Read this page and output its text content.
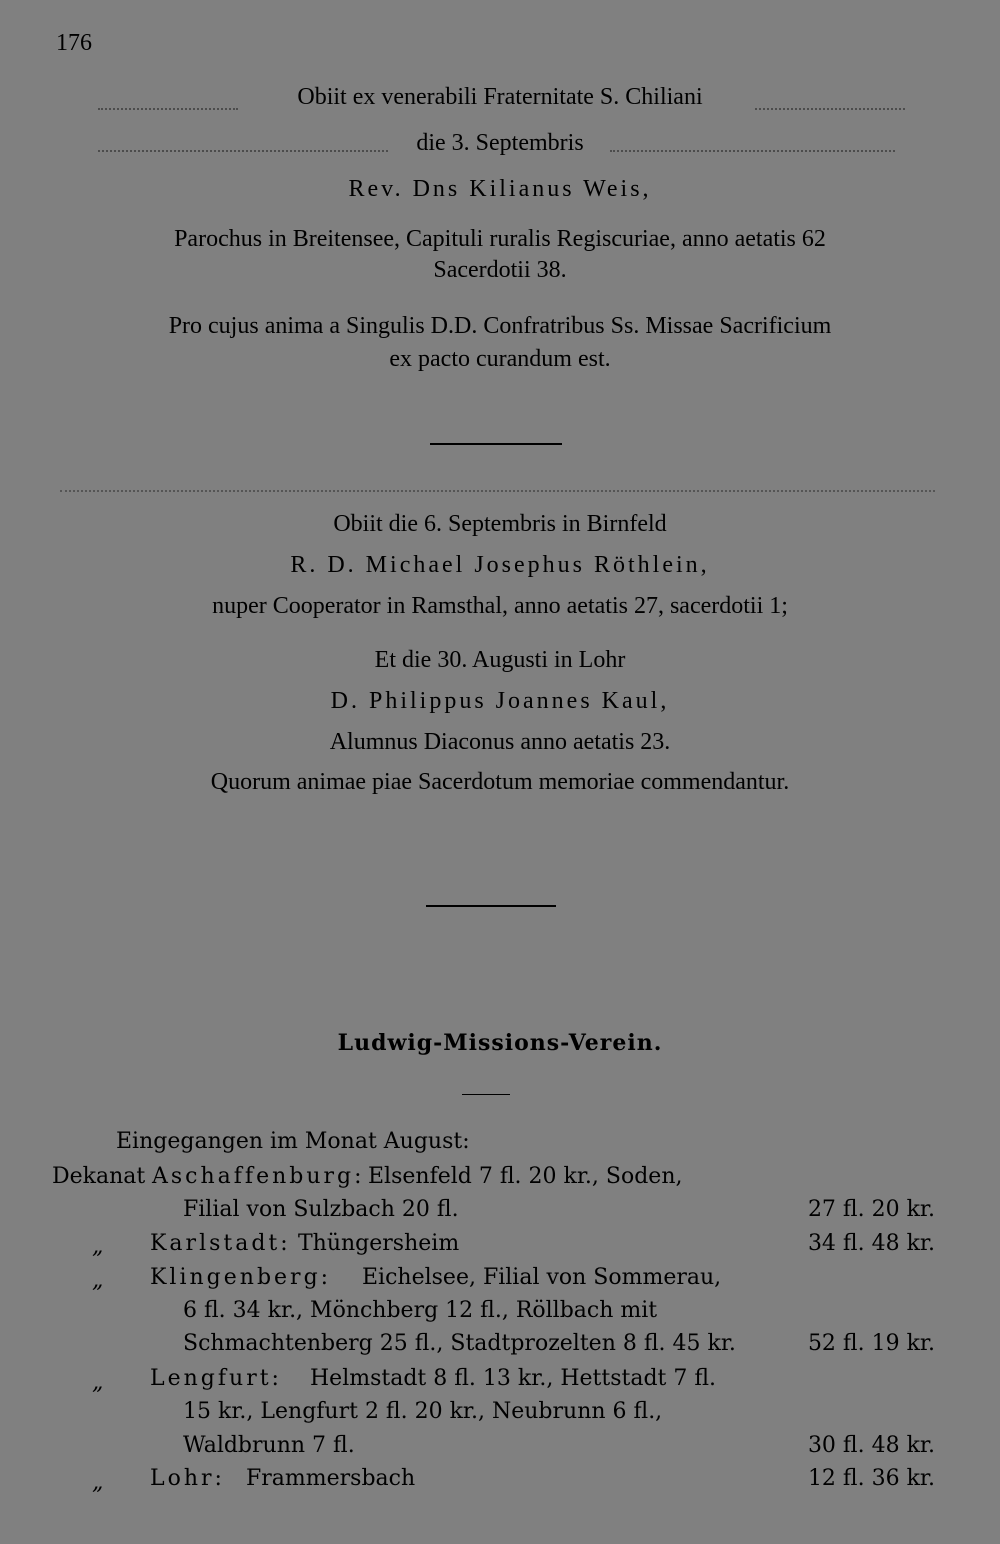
176
Obiit ex venerabili Fraternitate S. Chiliani
die 3. Septembris
Rev. Dns Kilianus Weis,
Parochus in Breitensee, Capituli ruralis Regiscuriae, anno aetatis 62
Sacerdotii 38.
Pro cujus anima a Singulis D.D. Confratribus Ss. Missae Sacrificium
ex pacto curandum est.
Obiit die 6. Septembris in Birnfeld
R. D. Michael Josephus Röthlein,
nuper Cooperator in Ramsthal, anno aetatis 27, sacerdotii 1;
Et die 30. Augusti in Lohr
D. Philippus Joannes Kaul,
Alumnus Diaconus anno aetatis 23.
Quorum animae piae Sacerdotum memoriae commendantur.
Ludwig-Missions-Verein.
Eingegangen im Monat August:
Dekanat Aschaffenburg: Elsenfeld 7 fl. 20 kr., Soden,
Filial von Sulzbach 20 fl.	27 fl. 20 kr.
„ Karlstadt: Thüngersheim	34 fl. 48 kr.
„ Klingenberg: Eichelsee, Filial von Sommerau,
6 fl. 34 kr., Mönchberg 12 fl., Röllbach mit
Schmachtenberg 25 fl., Stadtprozelten 8 fl. 45 kr.	52 fl. 19 kr.
„ Lengfurt: Helmstadt 8 fl. 13 kr., Hettstadt 7 fl.
15 kr., Lengfurt 2 fl. 20 kr., Neubrunn 6 fl.,
Waldbrunn 7 fl.	30 fl. 48 kr.
„ Lohr: Frammersbach	12 fl. 36 kr.
